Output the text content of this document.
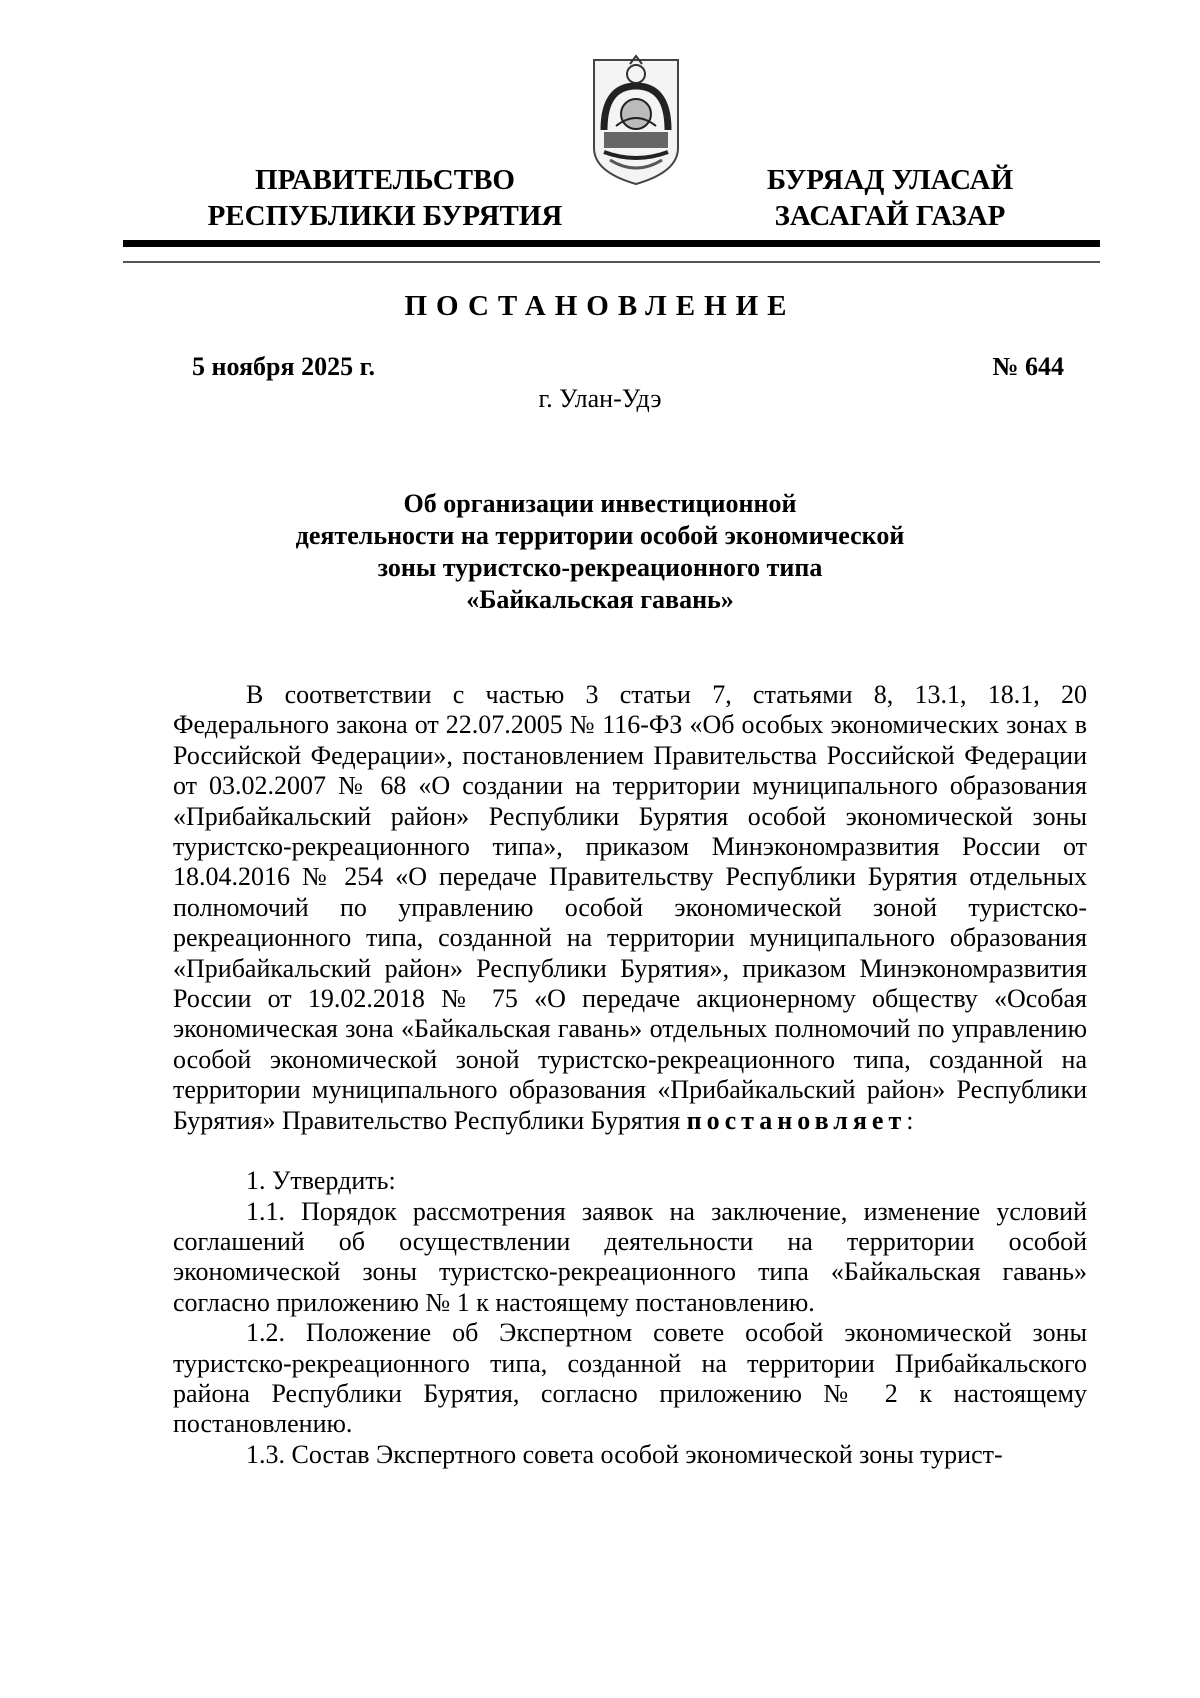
ПРАВИТЕЛЬСТВО
РЕСПУБЛИКИ БУРЯТИЯ
БУРЯАД УЛАСАЙ
ЗАСАГАЙ ГАЗАР
ПОСТАНОВЛЕНИЕ
5 ноября 2025 г.	№ 644
г. Улан-Удэ
Об организации инвестиционной
деятельности на территории особой экономической
зоны туристско-рекреационного типа
«Байкальская гавань»

В соответствии с частью 3 статьи 7, статьями 8, 13.1, 18.1, 20 Федерального закона от 22.07.2005 № 116-ФЗ «Об особых экономических зонах в Российской Федерации», постановлением Правительства Российской Федерации от 03.02.2007 № 68 «О создании на территории муниципального образования «Прибайкальский район» Республики Бурятия особой экономической зоны туристско-рекреационного типа», приказом Минэкономразвития России от 18.04.2016 № 254 «О передаче Правительству Республики Бурятия отдельных полномочий по управлению особой экономической зоной туристско-рекреационного типа, созданной на территории муниципального образования «Прибайкальский район» Республики Бурятия», приказом Минэкономразвития России от 19.02.2018 № 75 «О передаче акционерному обществу «Особая экономическая зона «Байкальская гавань» отдельных полномочий по управлению особой экономической зоной туристско-рекреационного типа, созданной на территории муниципального образования «Прибайкальский район» Республики Бурятия» Правительство Республики Бурятия постановляет:

1. Утвердить:

1.1. Порядок рассмотрения заявок на заключение, изменение условий соглашений об осуществлении деятельности на территории особой экономической зоны туристско-рекреационного типа «Байкальская гавань» согласно приложению № 1 к настоящему постановлению.

1.2. Положение об Экспертном совете особой экономической зоны туристско-рекреационного типа, созданной на территории Прибайкальского района Республики Бурятия, согласно приложению № 2 к настоящему постановлению.

1.3. Состав Экспертного совета особой экономической зоны турист-
